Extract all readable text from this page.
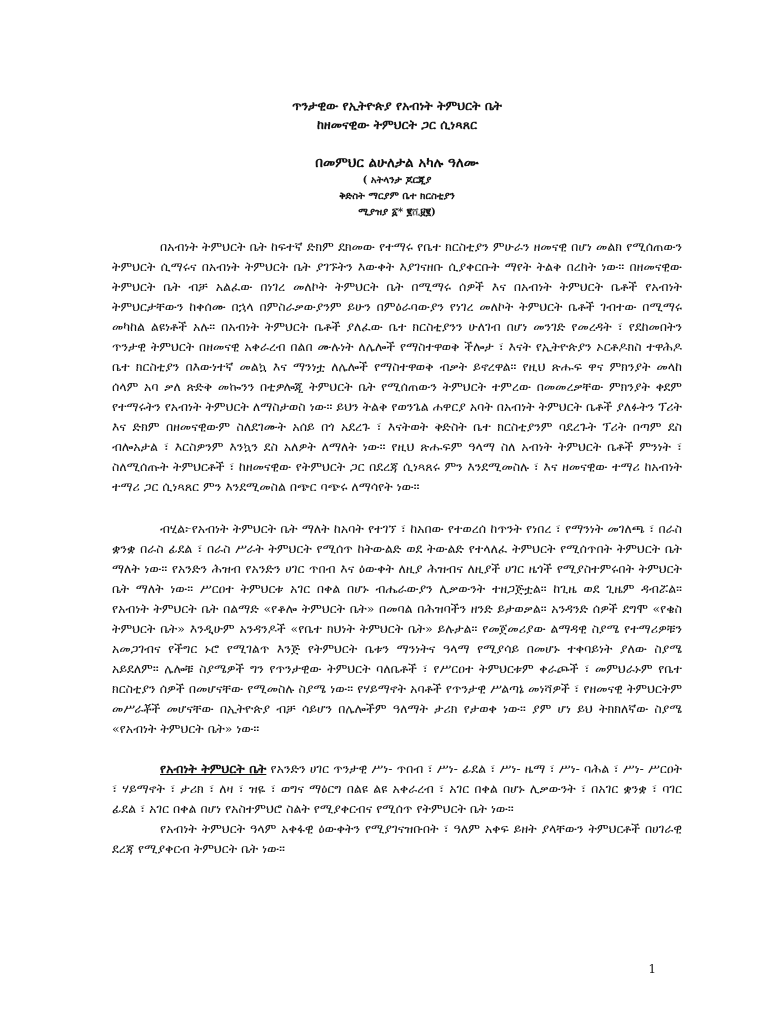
ጥንታዊው የኢትዮጵያ የአብነት ትምህርት ቤት

ከዘመናዊው ትምህርት ጋር ሲነጻጸር

በመምህር ልሁለታል አካሉ ዓለሙ

( አትላንታ ጆርጂያ

ቅድስት ማርያም ቤተ ክርስቲያን

ሚያዝያ ፩* ፪ሺ፱፪)

በአብነት ትምህርት ቤት ከፍተኛ ድክም ደክመው የተማሩ የቤተ ክርስቲያን ምሁራን ዘመናዊ በሆነ መልክ የሚሰጠውን ትምህርት ሲማሩና በአብነት ትምህርት ቤት ያገኙትን እውቀት እያገናዘቡ ሲያቀርቡት ማየት ትልቅ በረከት ነው። በዘመናዊው ትምህርት ቤት ብቻ አልፈው በነገረ መለኮት ትምህርት ቤት በሚማሩ ሰዎች እና በአብነት ትምህርት ቤቶች የአብነት ትምህርታቸውን ከቀሰሙ በኋላ በምስራቃውያንም ይሁን በምዕራባውያን የነገረ መለኮት ትምህርት ቤቶች ገብተው በሚማሩ መካከል ልዩነቶች አሉ። በአብነት ትምህርት ቤቶች ያለፈው ቤተ ክርስቲያንን ሁለገብ በሆነ መንገድ የመረዳት ፣ የደከመበትን ጥንታዊ ትምህርት በዘመናዊ አቀራረብ በልበ ሙሉነት ለሌሎች የማስተዋወቅ ችሎታ ፣ እናት የኢትዮጵያን ኦርቶዶክስ ተዋሕዶ ቤተ ክርስቲያን በእውነተኛ መልኳ እና ማንነቷ ለሌሎች የማስተዋወቅ ብቃት ይኖረዋል። የዚህ ጽሑፍ ዋና ምክንያት መላከ ሰላም አባ ቃለ ጽድቅ መኰንን በቲዎሎጂ ትምህርት ቤት የሚሰጠውን ትምህርት ተምረው በመመረቃቸው ምክንያት ቀደም የተማሩትን የአብነት ትምህርት ለማስታወስ ነው። ይህን ትልቅ የወንጌል ሐዋርያ አባት በአብነት ትምህርት ቤቶች ያለፉትን ፕሪት እና ድክም በዘመናዊውም ስለደገሙት አሰይ በጎ አደረጉ ፣ እናትወት ቅድስት ቤተ ክርስቲያንም ባደረጉት ፕሪት በጣም ደስ ብሎአታል ፣ እርስዎንም እንኳን ደስ አለዎት ለማለት ነው። የዚህ ጽሑፍም ዓላማ ስለ አብነት ትምህርት ቤቶች ምንነት ፣ ስለሚሰጡት ትምህርቶች ፣ ከዘመናዊው የትምህርት ጋር በደረጃ ሲነጻጸሩ ምን እንደሚመስሉ ፣ እና ዘመናዊው ተማሪ ከአብነት ተማሪ ጋር ሲነጻጸር ምን እንደሚመስል በጭር ባጭሩ ለማሳየት ነው።

ብሂል፦የአብነት ትምህርት ቤት ማለት ከአባት የተገኘ ፣ ከአበው የተወረሰ ከጥንት የነበረ ፣ የማንነት መገለጫ ፣ በራስ ቋንቋ በራስ ፊደል ፣ በራስ ሥራት ትምህርት የሚሰጥ ከትውልድ ወደ ትውልድ የተላለፈ ትምህርት የሚሰጥበት ትምህርት ቤት ማለት ነው። የአንድን ሕዝብ የአንድን ሀገር ጥበብ እና ዕውቀት ለዚያ ሕዝብና ለዚያች ሀገር ዜጎች የሚያስተምሩበት ትምህርት ቤት ማለት ነው። ሥርዐተ ትምህርቱ አገር በቀል በሆኑ ብሔራውያን ሊቃውንት ተዘጋጅቷል። ከጊዜ ወደ ጊዜም ዳብሯል። የአብነት ትምህርት ቤት በልማድ «የቆሎ ትምህርት ቤት» በመባል በሕዝባችን ዘንድ ይታወቃል። አንዳንድ ሰዎች ደግሞ «የቄስ ትምህርት ቤት» እንዲሁም አንዳንዶች «የቤተ ክህነት ትምህርት ቤት» ይሉታል። የመጀመሪያው ልማዳዊ ስያሜ የተማሪዎቹን አመጋገብና የችግር ኑሮ የሚገልጥ እንጅ የትምህርት ቤቱን ማንነትና ዓላማ የሚያሳይ በመሆኑ ተቀባይነት ያለው ስያሜ አይደለም። ሌሎቹ ስያሜዎች ግን የጥንታዊው ትምህርት ባለቤቶች ፣ የሥርዐተ ትምህርቱም ቀራጮች ፣ መምህራኑም የቤተ ክርስቲያን ሰዎች በመሆናቸው የሚመስሉ ስያሜ ነው። የሃይማኖት አባቶች የጥንታዊ ሥልጣኔ መነሻዎች ፣ የዘመናዊ ትምህርትም መሥራቾች መሆናቸው በኢትዮጵያ ብቻ ሳይሆን በሌሎችም ዓለማት ታሪክ የታወቀ ነው። ያም ሆነ ይህ ትክክለኛው ስያሜ «የአብነት ትምህርት ቤት» ነው።

የአብነት ትምህርት ቤት የአንድን ሀገር ጥንታዊ ሥነ- ጥበብ ፣ ሥነ- ፊደል ፣ ሥነ- ዜማ ፣ ሥነ- ባሕል ፣ ሥነ- ሥርዐት ፣ ሃይማኖት ፣ ታሪክ ፣ ለዛ ፣ ዝዬ ፣ ወግና ማዕርግ በልዩ ልዩ አቀራረብ ፣ አገር በቀል በሆኑ ሊቃውንት ፣ በአገር ቋንቋ ፣ ባገር ፊደል ፣ አገር በቀል በሆነ የአስተምህሮ ስልት የሚያቀርብና የሚሰጥ የትምህርት ቤት ነው።

የአብነት ትምህርት ዓላም አቀፋዊ ዕውቀትን የሚያገናዝቡበት ፣ ዓለም አቀፍ ይዘት ያላቸውን ትምህርቶች በሀገራዊ ደረጃ የሚያቀርብ ትምህርት ቤት ነው።

1
